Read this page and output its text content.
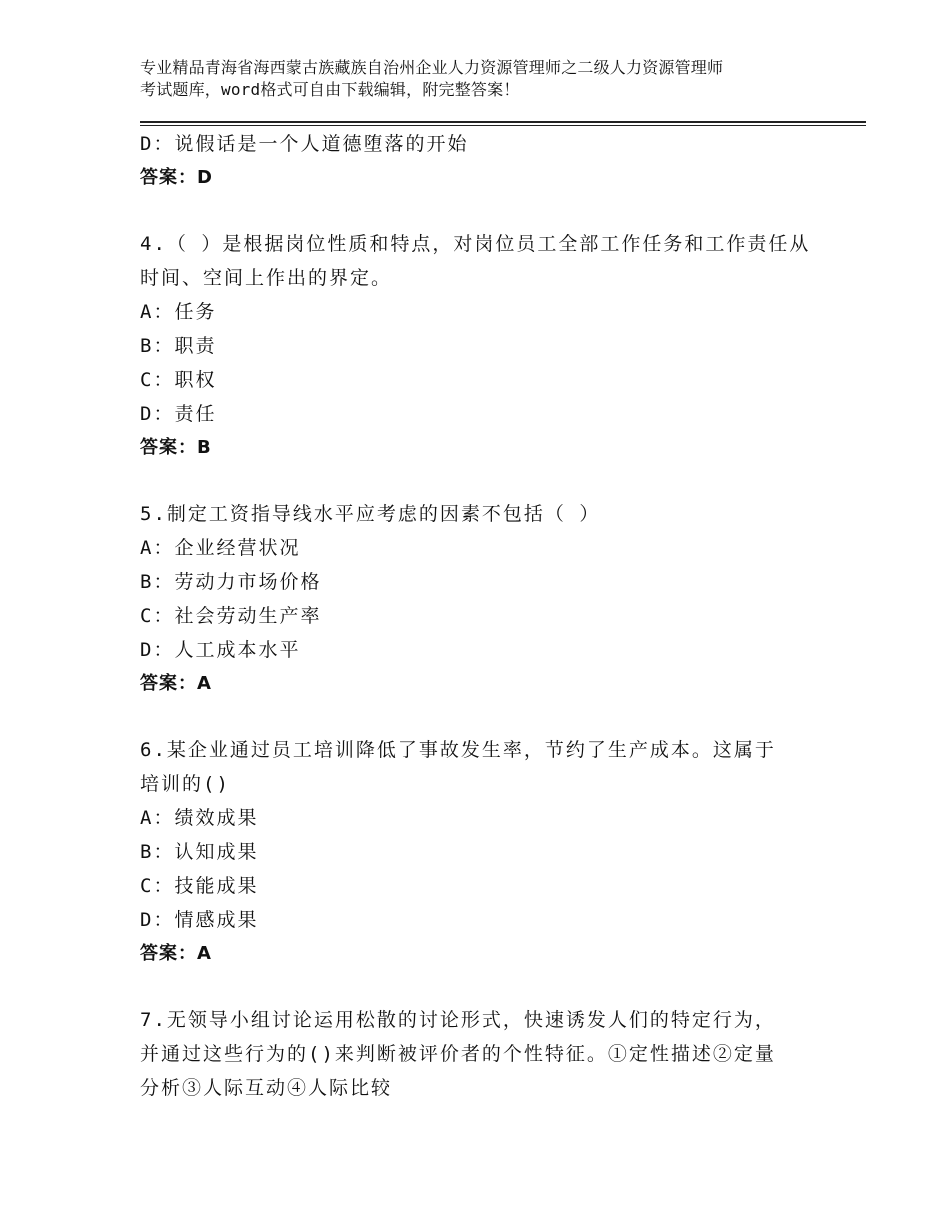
专业精品青海省海西蒙古族藏族自治州企业人力资源管理师之二级人力资源管理师
考试题库，word格式可自由下载编辑，附完整答案！
D：说假话是一个人道德堕落的开始
答案：D
4.（ ）是根据岗位性质和特点，对岗位员工全部工作任务和工作责任从
时间、空间上作出的界定。
A：任务
B：职责
C：职权
D：责任
答案：B
5.制定工资指导线水平应考虑的因素不包括（ ）
A：企业经营状况
B：劳动力市场价格
C：社会劳动生产率
D：人工成本水平
答案：A
6.某企业通过员工培训降低了事故发生率，节约了生产成本。这属于
培训的()
A：绩效成果
B：认知成果
C：技能成果
D：情感成果
答案：A
7.无领导小组讨论运用松散的讨论形式，快速诱发人们的特定行为，
并通过这些行为的()来判断被评价者的个性特征。①定性描述②定量
分析③人际互动④人际比较
